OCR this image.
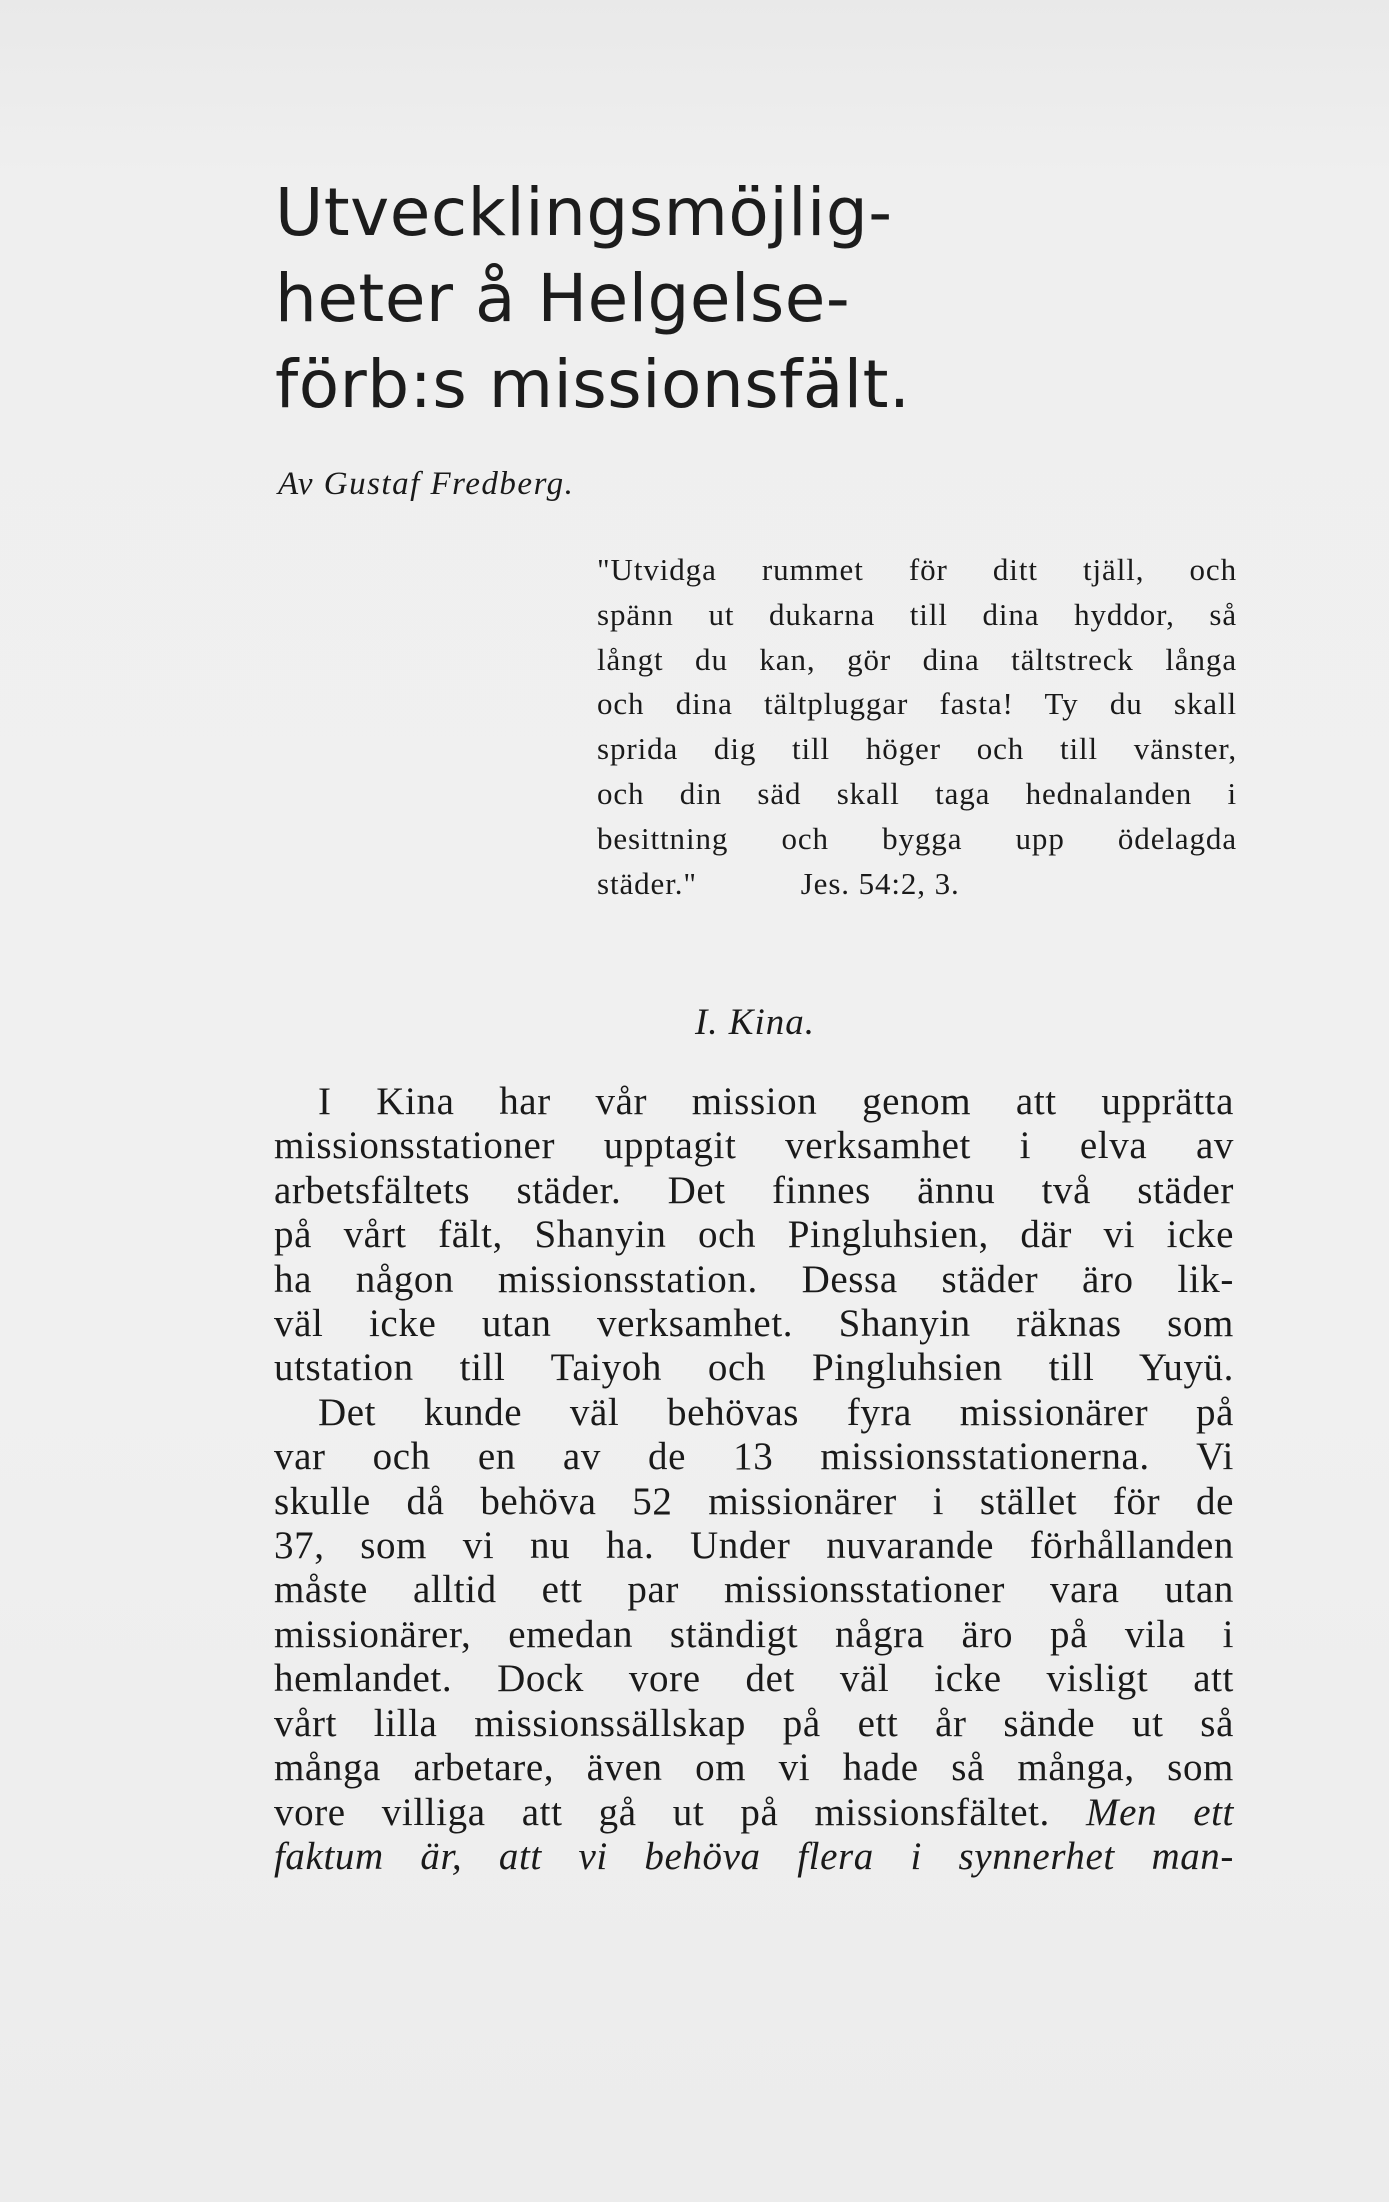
Utvecklingsmöjlig-
heter å Helgelse-
förb:s missionsfält.

Av Gustaf Fredberg.

"Utvidga rummet för ditt tjäll, och
spänn ut dukarna till dina hyddor, så
långt du kan, gör dina tältstreck långa
och dina tältpluggar fasta! Ty du skall
sprida dig till höger och till vänster,
och din säd skall taga hednalanden i
besittning och bygga upp ödelagda
städer."            Jes. 54:2, 3.
I. Kina.
I Kina har vår mission genom att upprätta
missionsstationer upptagit verksamhet i elva av
arbetsfältets städer. Det finnes ännu två städer
på vårt fält, Shanyin och Pingluhsien, där vi icke
ha någon missionsstation. Dessa städer äro lik-
väl icke utan verksamhet. Shanyin räknas som
utstation till Taiyoh och Pingluhsien till Yuyü.
Det kunde väl behövas fyra missionärer på
var och en av de 13 missionsstationerna. Vi
skulle då behöva 52 missionärer i stället för de
37, som vi nu ha. Under nuvarande förhållanden
måste alltid ett par missionsstationer vara utan
missionärer, emedan ständigt några äro på vila i
hemlandet. Dock vore det väl icke visligt att
vårt lilla missionssällskap på ett år sände ut så
många arbetare, även om vi hade så många, som
vore villiga att gå ut på missionsfältet. Men ett
faktum är, att vi behöva flera i synnerhet man-
